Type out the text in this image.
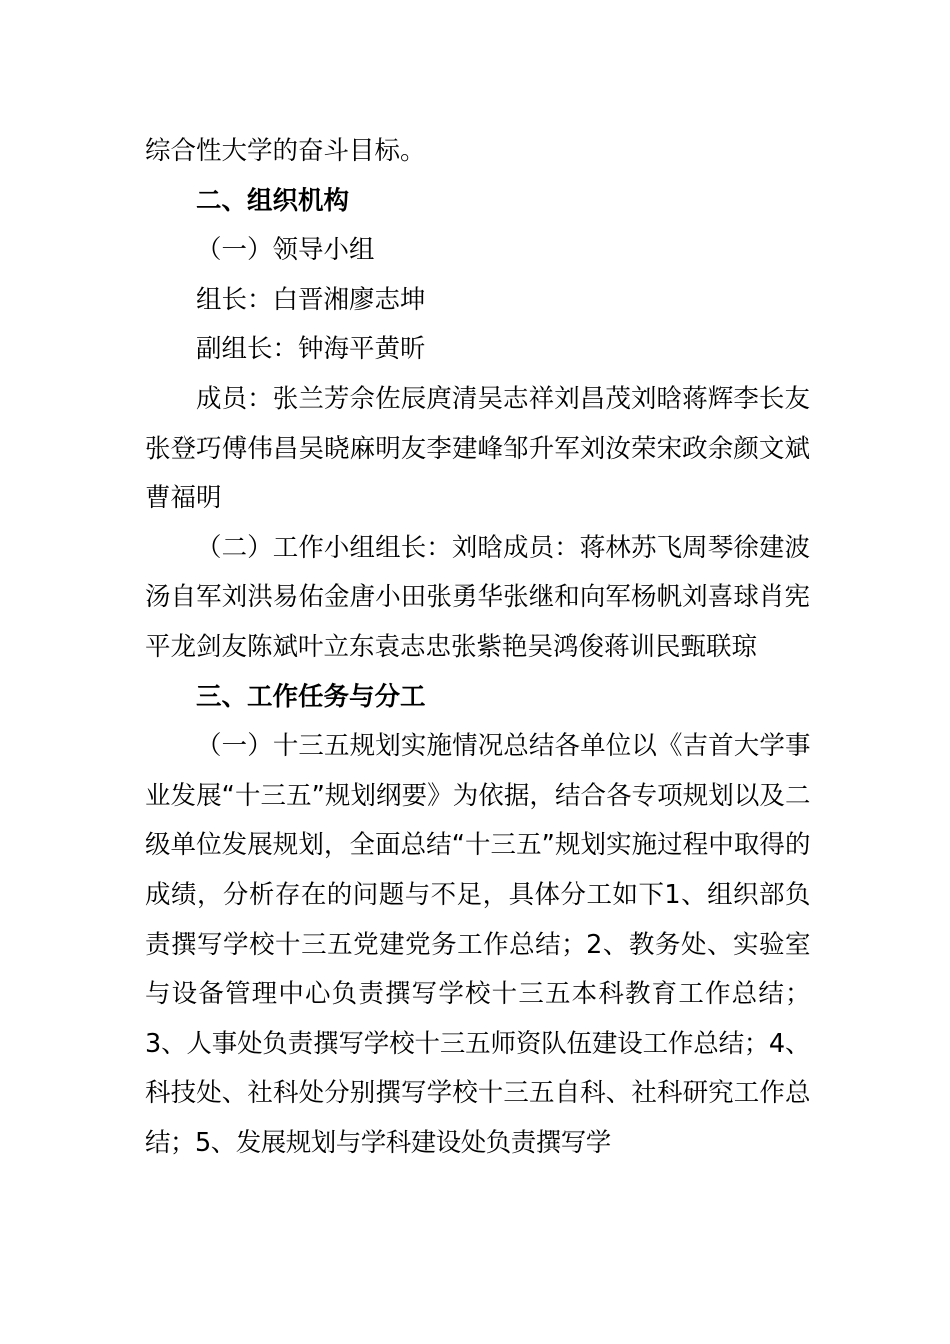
综合性大学的奋斗目标。

二、组织机构

（一）领导小组

组长：白晋湘廖志坤

副组长：钟海平黄昕

成员：张兰芳佘佐辰庹清吴志祥刘昌茂刘晗蒋辉李长友张登巧傅伟昌吴晓麻明友李建峰邹升军刘汝荣宋政余颜文斌曹福明

（二）工作小组组长：刘晗成员：蒋林苏飞周琴徐建波汤自军刘洪易佑金唐小田张勇华张继和向军杨帆刘喜球肖宪平龙剑友陈斌叶立东袁志忠张紫艳吴鸿俊蒋训民甄联琼

三、工作任务与分工

（一）十三五规划实施情况总结各单位以《吉首大学事业发展“十三五”规划纲要》为依据，结合各专项规划以及二级单位发展规划，全面总结“十三五”规划实施过程中取得的成绩，分析存在的问题与不足，具体分工如下1、组织部负责撰写学校十三五党建党务工作总结；2、教务处、实验室与设备管理中心负责撰写学校十三五本科教育工作总结；3、人事处负责撰写学校十三五师资队伍建设工作总结；4、科技处、社科处分别撰写学校十三五自科、社科研究工作总结；5、发展规划与学科建设处负责撰写学
